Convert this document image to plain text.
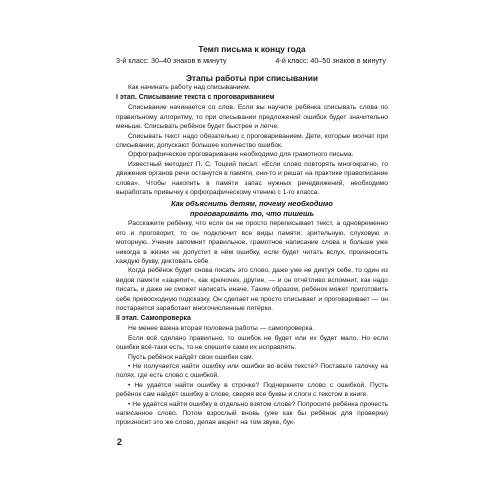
Темп письма к концу года
3-й класс: 30–40 знаков в минуту	4-й класс: 40–50 знаков в минуту
Этапы работы при списывании
Как начинать работу над списыванием.
I этап. Списывание текста с проговариванием
Списывание начинается со слов. Если вы научите ребёнка списывать слова по правильному алгоритму, то при списывании предложений ошибок будет значительно меньше. Списывать ребёнок будет быстрее и легче.
Списывать текст надо обязательно с проговариванием. Дети, которые молчат при списывании, допускают большее количество ошибок.
Орфографическое проговаривание необходимо для грамотного письма.
Известный методист П. С. Тоцкий писал: «Если слово повторять многократно, то движения органов речи останутся в памяти, они-то и решат на практике правописание слова». Чтобы накопить в памяти запас нужных речедвижений, необходимо выработать привычку к орфографическому чтению с 1-го класса.
Как объяснить детям, почему необходимо
проговаривать то, что пишешь
Расскажите ребёнку, что если он не просто переписывает текст, а одновременно его и проговорит, то он подключит все виды памяти: зрительную, слуховую и моторную. Ученик запомнит правильное, грамотное написание слова и больше уже никогда в жизни не допустит в нём ошибку, если будет читать вслух, произносить каждую букву, диктовать себе.
Когда ребёнок будет снова писать это слово, даже уже не диктуя себе, то один из видов памяти «зацепит», как крючочек, другие, — и он отчётливо вспомнит, как надо писать, и даже не сможет написать иначе. Таким образом, ребёнок может приготовить себе превосходную подсказку. Он сделает не просто списывает и проговаривает — он постарается заработает многочисленные пятёрки.
II этап. Самопроверка
Не менее важна вторая половина работы — самопроверка.
Если всё сделано правильно, то ошибок не будет или их будет мало. Но если ошибки всё-таки есть, то не спешите сами их исправлять.
Пусть ребёнок найдёт свои ошибки сам.
• Не получается найти ошибку или ошибки во всём тексте? Поставьте галочку на полях, где есть слово с ошибкой.
• Не удаётся найти ошибку в строчке? Подчеркните слово с ошибкой. Пусть ребёнок сам найдёт ошибку в слове, сверяя все буквы и слоги с текстом в книге.
• Не удаётся найти ошибку в отдельно взятом слове? Попросите ребёнка прочесть написанное слово. Потом взрослый вновь (уже как бы ребёнок для проверки) произносит это же слово, делая акцент на том звуке, бук-
2
